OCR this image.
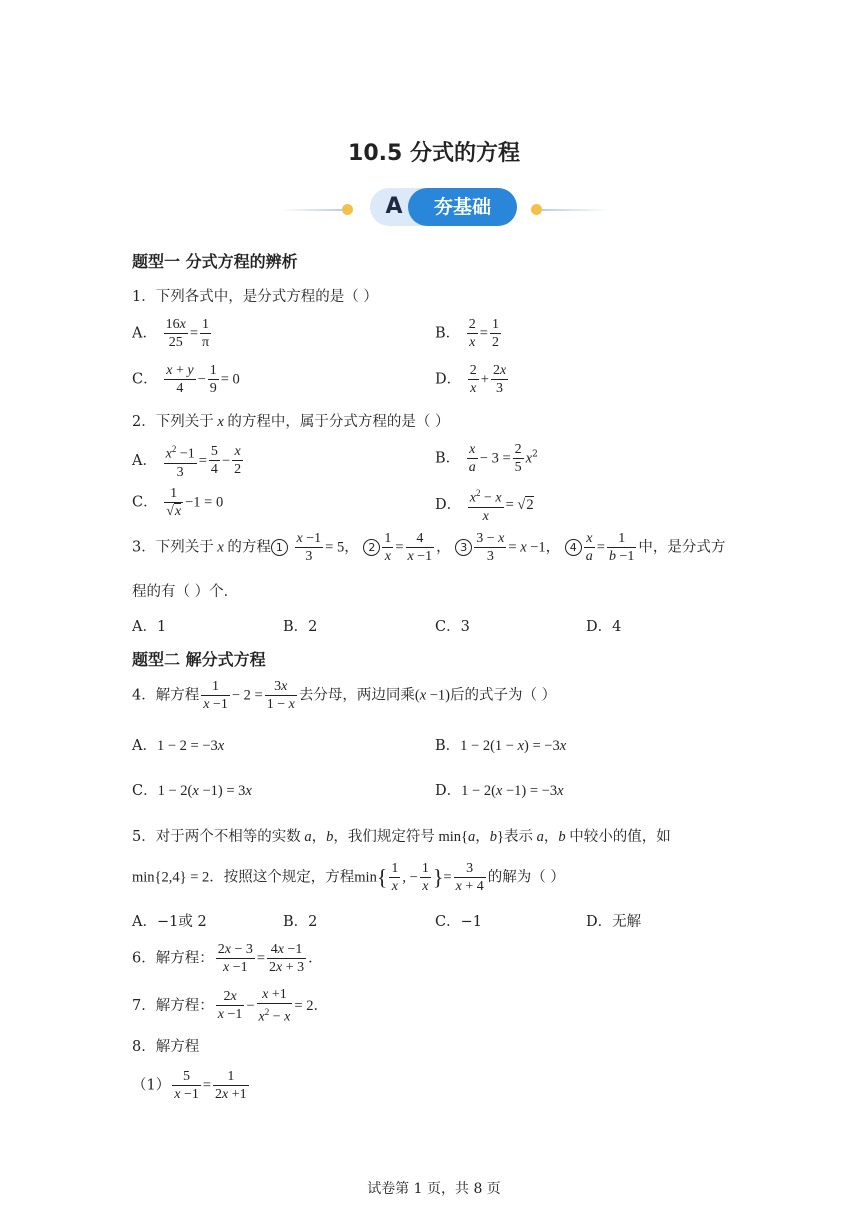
10.5 分式的方程
A	夯基础
题型一 分式方程的辨析
1．下列各式中，是分式方程的是（ ）
A． $\frac{16x}{25} = \frac{1}{\pi}$	B． $\frac{2}{x} = \frac{1}{2}$
C． $\frac{x + y}{4} - \frac{1}{9} = 0$	D． $\frac{2}{x} + \frac{2x}{3}$
2．下列关于 x 的方程中，属于分式方程的是（ ）
A． $\frac{x^2 -1}{3} = \frac{5}{4} - \frac{x}{2}$	B． $\frac{x}{a} - 3 = \frac{2}{5} x^2$
C． $\frac{1}{√x} -1 = 0$	D． $\frac{x^2 - x}{x} = √2$
3．下列关于 x 的方程 $1 \frac{x -1}{3} = 5$， $2 \frac{1}{x} = \frac{4}{x -1}$ ， $3 \frac{3 - x}{3} = x -1$， $4 \frac{x}{a} = \frac{1}{b -1}$ 中，是分式方
程的有（ ）个．
A．1	B．2	C．3	D．4
题型二 解分式方程
4．解方程 $\frac{1}{x -1} - 2 = \frac{3x}{1 - x}$ 去分母，两边同乘(x −1)后的式子为（ ）
A．1 − 2 = −3x	B．1 − 2(1 − x) = −3x
C．1 − 2(x −1) = 3x	D．1 − 2(x −1) = −3x
5．对于两个不相等的实数 a，b，我们规定符号 min{a，b}表示 a，b 中较小的值，如
min{2,4} = 2．按照这个规定，方程$\min\{ \frac{1}{x}$ , − $\frac{1}{x}$ }= $\frac{3}{x + 4}$ 的解为（ ）
A．−1或 2	B．2	C．−1	D．无解
6．解方程： $\frac{2x - 3}{x -1} = \frac{4x -1}{2x + 3}$ ．
7．解方程： $\frac{2x}{x -1} - \frac{x +1}{x^2 - x} = 2$．
8．解方程
$(1) \frac{5}{x -1} = \frac{1}{2x +1}$
试卷第 1 页，共 8 页
